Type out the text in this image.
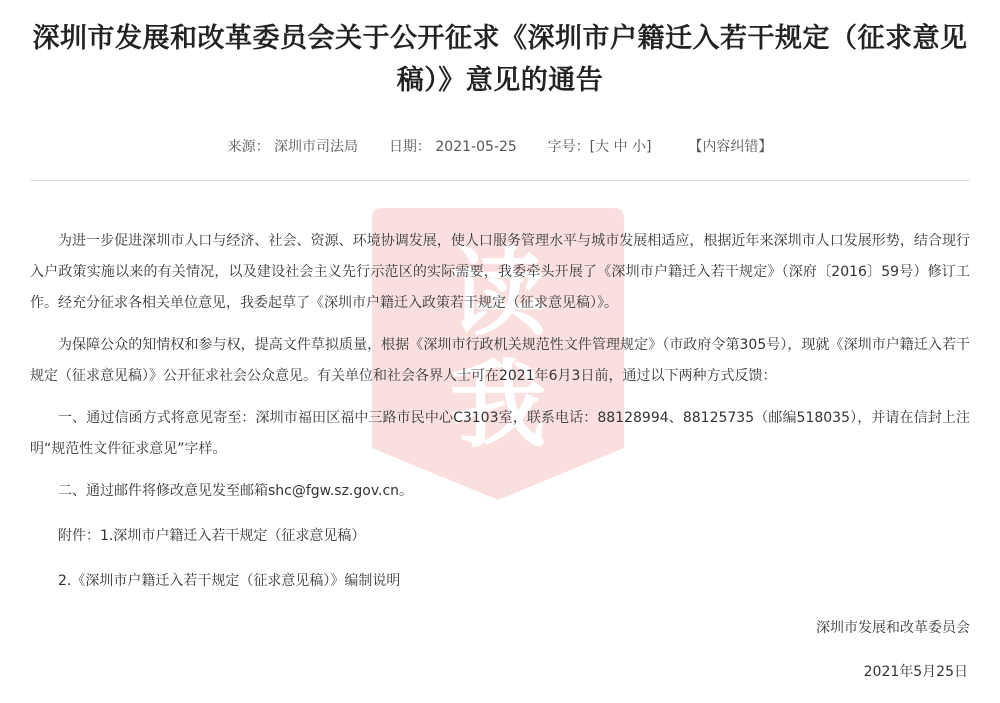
深圳市发展和改革委员会关于公开征求《深圳市户籍迁入若干规定（征求意见稿）》意见的通告
来源： 深圳市司法局 日期： 2021-05-25 字号：[大 中 小]	【内容纠错】
读
我

为进一步促进深圳市人口与经济、社会、资源、环境协调发展，使人口服务管理水平与城市发展相适应，根据近年来深圳市人口发展形势，结合现行入户政策实施以来的有关情况，以及建设社会主义先行示范区的实际需要，我委牵头开展了《深圳市户籍迁入若干规定》（深府〔2016〕59号）修订工作。经充分征求各相关单位意见，我委起草了《深圳市户籍迁入政策若干规定（征求意见稿）》。

为保障公众的知情权和参与权，提高文件草拟质量，根据《深圳市行政机关规范性文件管理规定》（市政府令第305号），现就《深圳市户籍迁入若干规定（征求意见稿）》公开征求社会公众意见。有关单位和社会各界人士可在2021年6月3日前，通过以下两种方式反馈：

一、通过信函方式将意见寄至：深圳市福田区福中三路市民中心C3103室，联系电话：88128994、88125735（邮编518035），并请在信封上注明“规范性文件征求意见”字样。

二、通过邮件将修改意见发至邮箱shc@fgw.sz.gov.cn。

附件：1.深圳市户籍迁入若干规定（征求意见稿）

2.《深圳市户籍迁入若干规定（征求意见稿）》编制说明

深圳市发展和改革委员会
2021年5月25日
